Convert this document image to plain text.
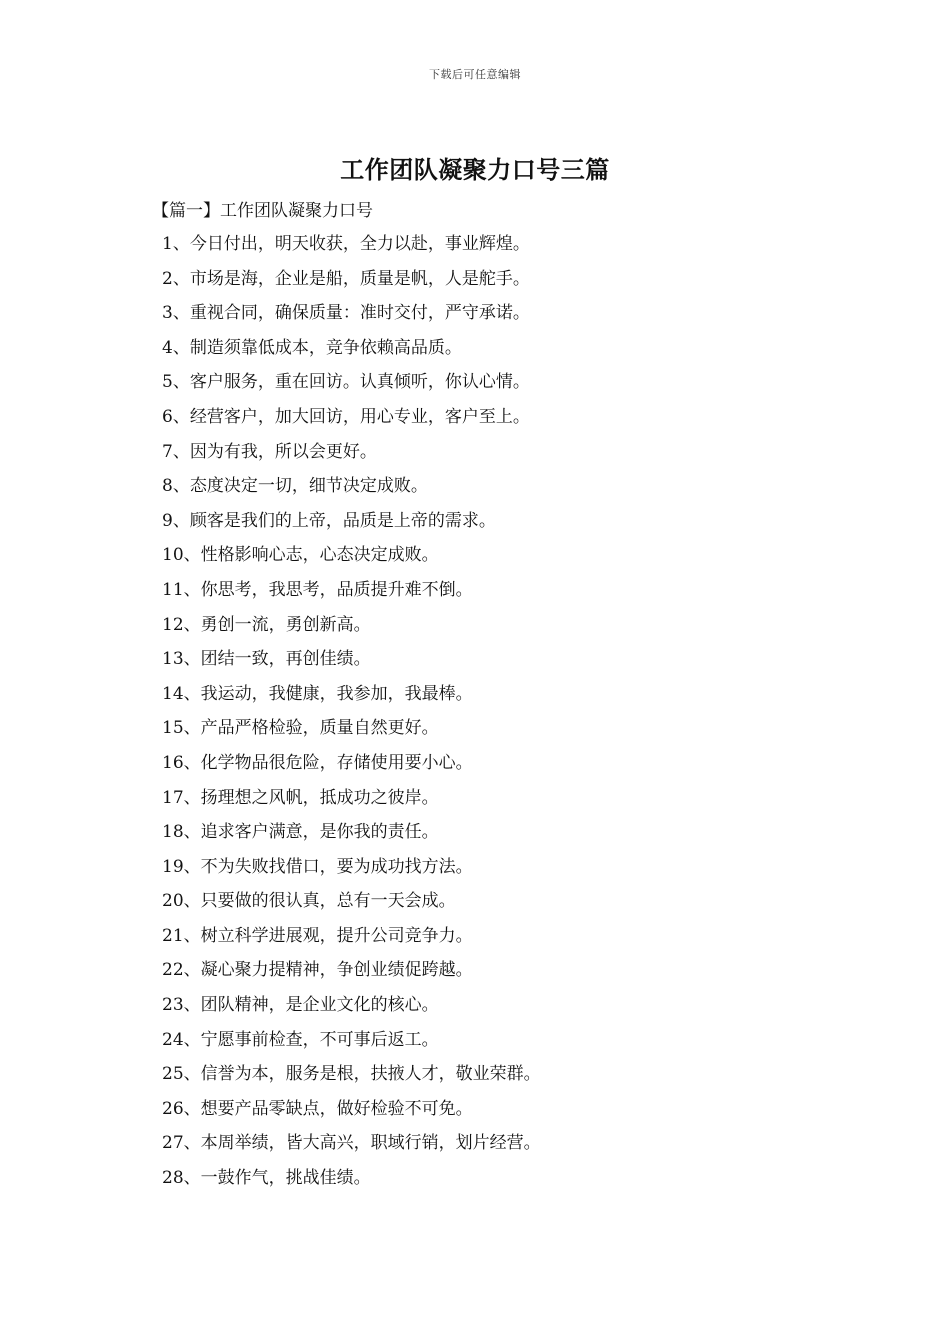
下载后可任意编辑
工作团队凝聚力口号三篇
【篇一】工作团队凝聚力口号
1、今日付出，明天收获，全力以赴，事业辉煌。
2、市场是海，企业是船，质量是帆，人是舵手。
3、重视合同，确保质量：准时交付，严守承诺。
4、制造须靠低成本，竞争依赖高品质。
5、客户服务，重在回访。认真倾听，你认心情。
6、经营客户，加大回访，用心专业，客户至上。
7、因为有我，所以会更好。
8、态度决定一切，细节决定成败。
9、顾客是我们的上帝，品质是上帝的需求。
10、性格影响心志，心态决定成败。
11、你思考，我思考，品质提升难不倒。
12、勇创一流，勇创新高。
13、团结一致，再创佳绩。
14、我运动，我健康，我参加，我最棒。
15、产品严格检验，质量自然更好。
16、化学物品很危险，存储使用要小心。
17、扬理想之风帆，抵成功之彼岸。
18、追求客户满意，是你我的责任。
19、不为失败找借口，要为成功找方法。
20、只要做的很认真，总有一天会成。
21、树立科学进展观，提升公司竞争力。
22、凝心聚力提精神，争创业绩促跨越。
23、团队精神，是企业文化的核心。
24、宁愿事前检查，不可事后返工。
25、信誉为本，服务是根，扶掖人才，敬业荣群。
26、想要产品零缺点，做好检验不可免。
27、本周举绩，皆大高兴，职域行销，划片经营。
28、一鼓作气，挑战佳绩。
